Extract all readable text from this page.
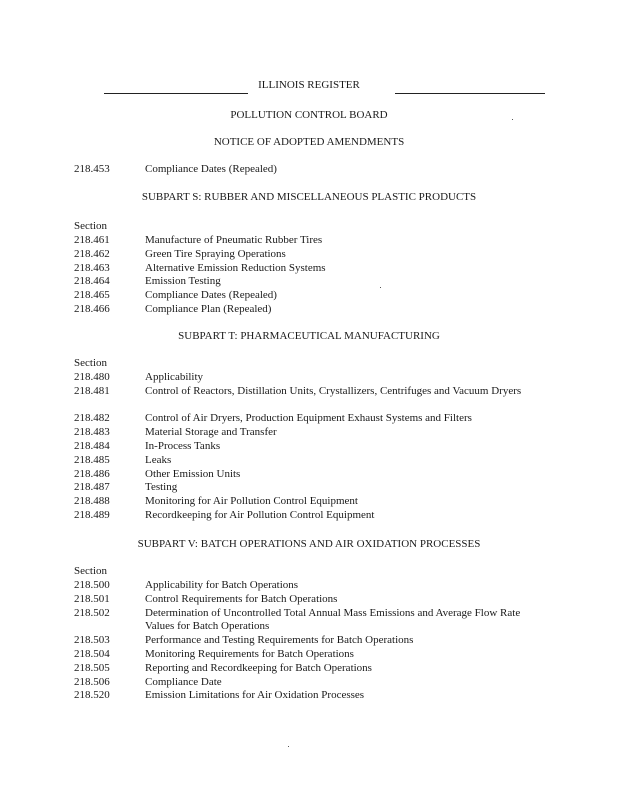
ILLINOIS REGISTER
POLLUTION CONTROL BOARD
NOTICE OF ADOPTED AMENDMENTS
218.453	Compliance Dates (Repealed)
SUBPART S: RUBBER AND MISCELLANEOUS PLASTIC PRODUCTS
Section
218.461	Manufacture of Pneumatic Rubber Tires
218.462	Green Tire Spraying Operations
218.463	Alternative Emission Reduction Systems
218.464	Emission Testing
218.465	Compliance Dates (Repealed)
218.466	Compliance Plan (Repealed)
SUBPART T: PHARMACEUTICAL MANUFACTURING
Section
218.480	Applicability
218.481	Control of Reactors, Distillation Units, Crystallizers, Centrifuges and Vacuum Dryers
218.482	Control of Air Dryers, Production Equipment Exhaust Systems and Filters
218.483	Material Storage and Transfer
218.484	In-Process Tanks
218.485	Leaks
218.486	Other Emission Units
218.487	Testing
218.488	Monitoring for Air Pollution Control Equipment
218.489	Recordkeeping for Air Pollution Control Equipment
SUBPART V: BATCH OPERATIONS AND AIR OXIDATION PROCESSES
Section
218.500	Applicability for Batch Operations
218.501	Control Requirements for Batch Operations
218.502	Determination of Uncontrolled Total Annual Mass Emissions and Average Flow Rate Values for Batch Operations
218.503	Performance and Testing Requirements for Batch Operations
218.504	Monitoring Requirements for Batch Operations
218.505	Reporting and Recordkeeping for Batch Operations
218.506	Compliance Date
218.520	Emission Limitations for Air Oxidation Processes
